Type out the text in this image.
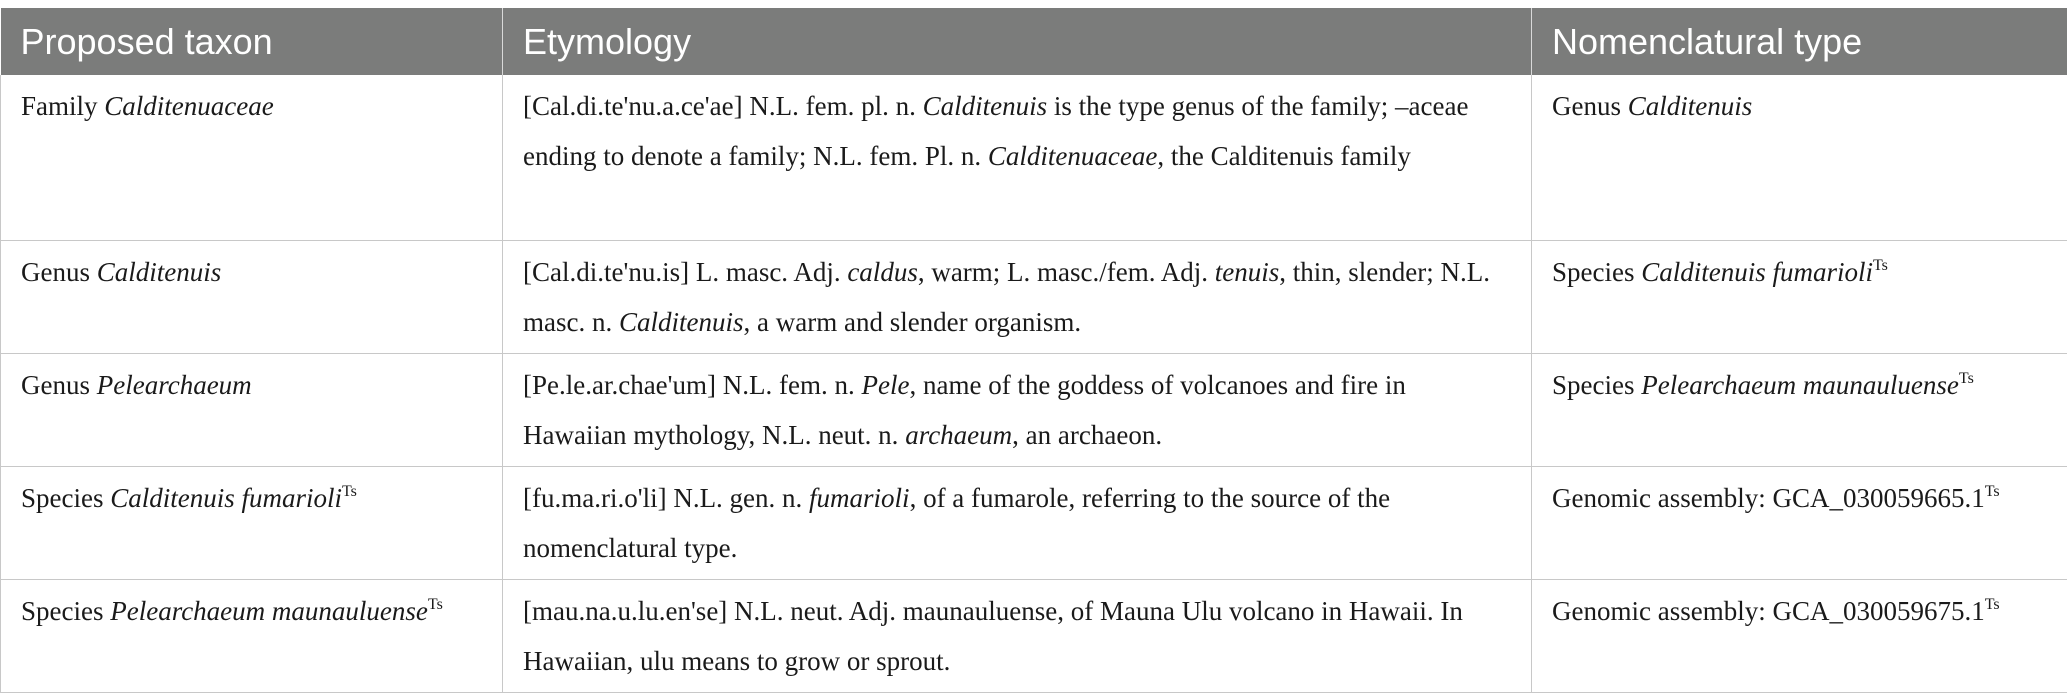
Proposed taxon	Etymology	Nomenclatural type
Family Calditenuaceae	[Cal.di.te'nu.a.ce'ae] N.L. fem. pl. n. Calditenuis is the type genus of the family; –aceae ending to denote a family; N.L. fem. Pl. n. Calditenuaceae, the Calditenuis family	Genus Calditenuis
Genus Calditenuis	[Cal.di.te'nu.is] L. masc. Adj. caldus, warm; L. masc./fem. Adj. tenuis, thin, slender; N.L. masc. n. Calditenuis, a warm and slender organism.	Species Calditenuis fumarioli$^{Ts}$
Genus Pelearchaeum	[Pe.le.ar.chae'um] N.L. fem. n. Pele, name of the goddess of volcanoes and fire in Hawaiian mythology, N.L. neut. n. archaeum, an archaeon.	Species Pelearchaeum maunauluense$^{Ts}$
Species Calditenuis fumarioli$^{Ts}$	[fu.ma.ri.o'li] N.L. gen. n. fumarioli, of a fumarole, referring to the source of the nomenclatural type.	Genomic assembly: $GCA\_030059665.1^{Ts}$
Species Pelearchaeum maunauluense$^{Ts}$	[mau.na.u.lu.en'se] N.L. neut. Adj. maunauluense, of Mauna Ulu volcano in Hawaii. In Hawaiian, ulu means to grow or sprout.	Genomic assembly: $GCA\_030059675.1^{Ts}$
